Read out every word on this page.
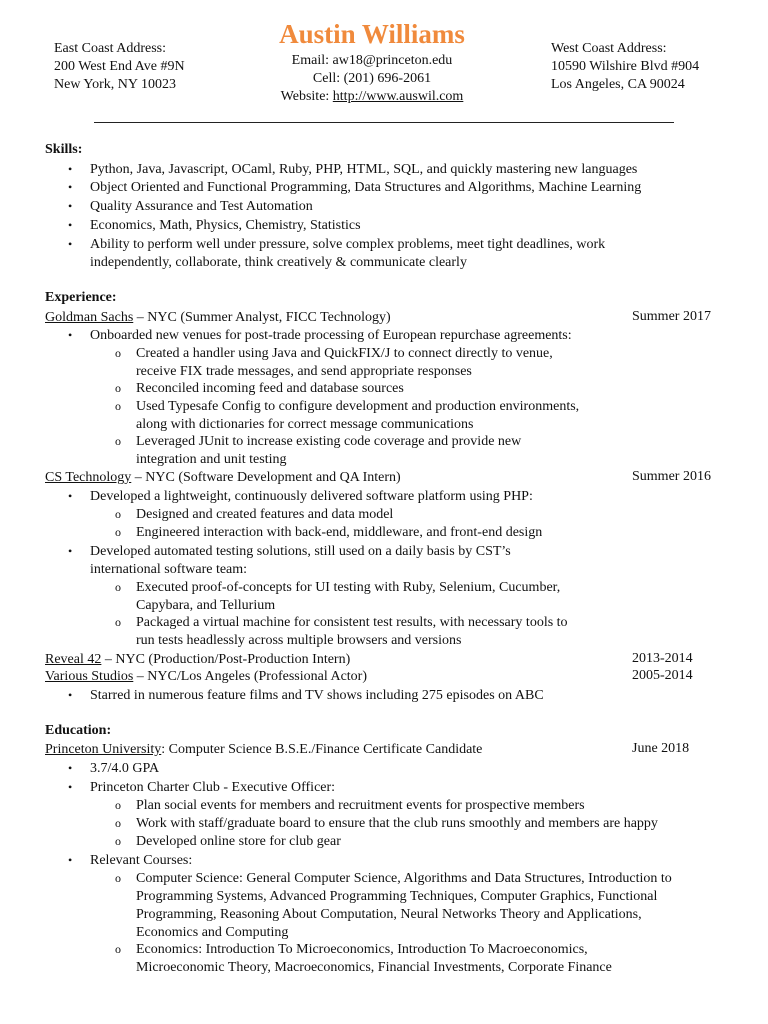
East Coast Address:
200 West End Ave #9N
New York, NY 10023
Austin Williams
Email: aw18@princeton.edu
Cell: (201) 696-2061
Website: http://www.auswil.com
West Coast Address:
10590 Wilshire Blvd #904
Los Angeles, CA 90024
Skills:
• Python, Java, Javascript, OCaml, Ruby, PHP, HTML, SQL, and quickly mastering new languages
• Object Oriented and Functional Programming, Data Structures and Algorithms, Machine Learning
• Quality Assurance and Test Automation
• Economics, Math, Physics, Chemistry, Statistics
• Ability to perform well under pressure, solve complex problems, meet tight deadlines, work
independently, collaborate, think creatively & communicate clearly
Experience:
Goldman Sachs – NYC (Summer Analyst, FICC Technology)	Summer 2017
• Onboarded new venues for post-trade processing of European repurchase agreements:
o Created a handler using Java and QuickFIX/J to connect directly to venue,
receive FIX trade messages, and send appropriate responses
o Reconciled incoming feed and database sources
o Used Typesafe Config to configure development and production environments,
along with dictionaries for correct message communications
o Leveraged JUnit to increase existing code coverage and provide new
integration and unit testing
CS Technology – NYC (Software Development and QA Intern)	Summer 2016
• Developed a lightweight, continuously delivered software platform using PHP:
o Designed and created features and data model
o Engineered interaction with back-end, middleware, and front-end design
• Developed automated testing solutions, still used on a daily basis by CST’s
international software team:
o Executed proof-of-concepts for UI testing with Ruby, Selenium, Cucumber,
Capybara, and Tellurium
o Packaged a virtual machine for consistent test results, with necessary tools to
run tests headlessly across multiple browsers and versions
Reveal 42 – NYC (Production/Post-Production Intern)	2013-2014
Various Studios – NYC/Los Angeles (Professional Actor)	2005-2014
• Starred in numerous feature films and TV shows including 275 episodes on ABC
Education:
Princeton University: Computer Science B.S.E./Finance Certificate Candidate	June 2018
• 3.7/4.0 GPA
• Princeton Charter Club - Executive Officer:
o Plan social events for members and recruitment events for prospective members
o Work with staff/graduate board to ensure that the club runs smoothly and members are happy
o Developed online store for club gear
• Relevant Courses:
o Computer Science: General Computer Science, Algorithms and Data Structures, Introduction to
Programming Systems, Advanced Programming Techniques, Computer Graphics, Functional
Programming, Reasoning About Computation, Neural Networks Theory and Applications,
Economics and Computing
o Economics: Introduction To Microeconomics, Introduction To Macroeconomics,
Microeconomic Theory, Macroeconomics, Financial Investments, Corporate Finance
